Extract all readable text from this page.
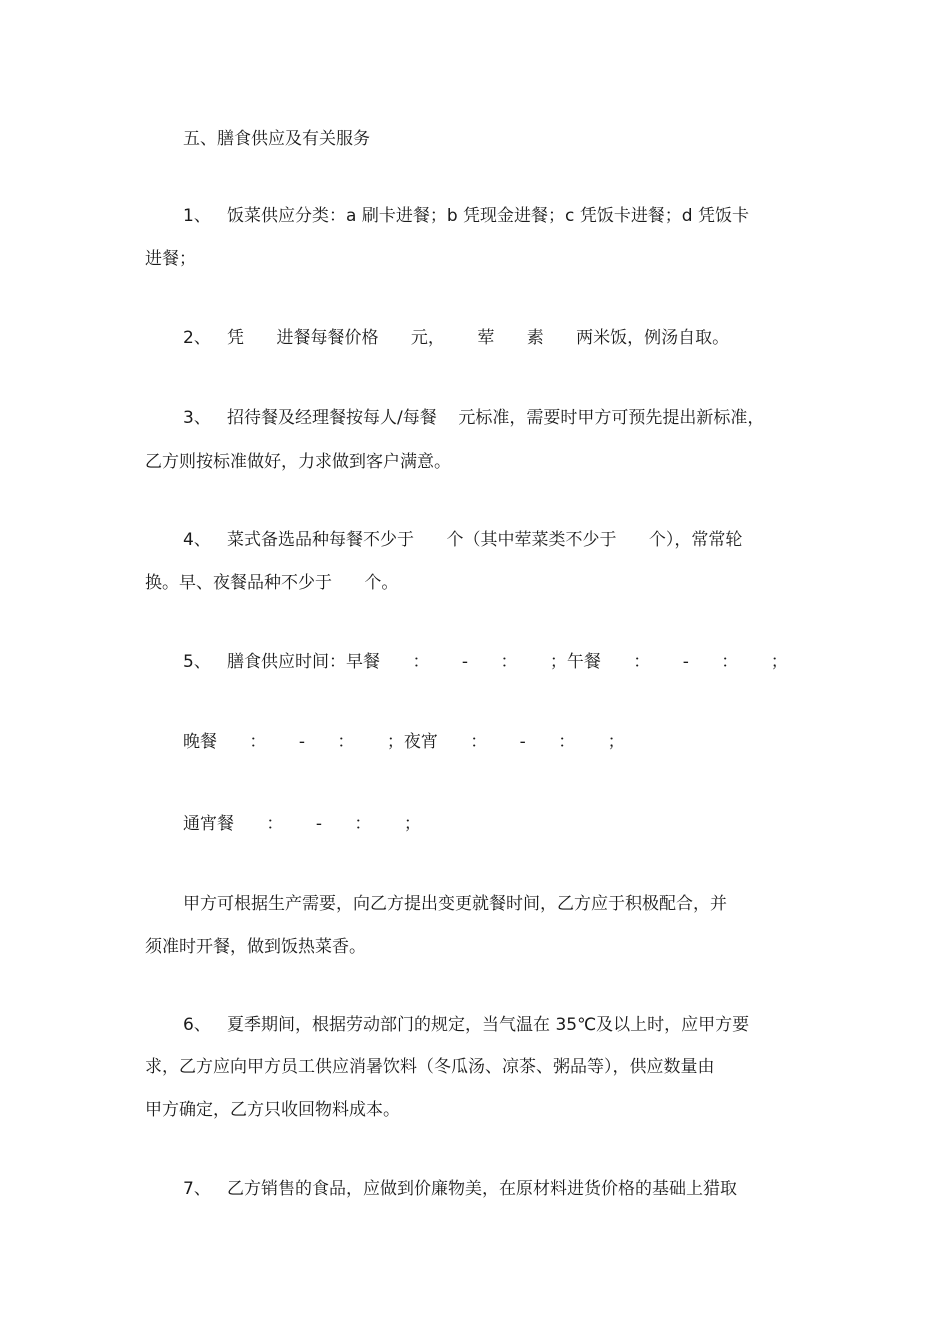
五、膳食供应及有关服务
1、 饭菜供应分类：a 刷卡进餐；b 凭现金进餐；c 凭饭卡进餐；d 凭饭卡
进餐；
2、 凭      进餐每餐价格      元，      荤      素      两米饭，例汤自取。
3、 招待餐及经理餐按每人/每餐    元标准，需要时甲方可预先提出新标准，
乙方则按标准做好，力求做到客户满意。
4、 菜式备选品种每餐不少于      个（其中荤菜类不少于      个），常常轮
换。早、夜餐品种不少于      个。
5、 膳食供应时间：早餐      ：      -      ：      ；午餐      ：      -      ：      ；
晚餐      ：      -      ：      ；夜宵      ：      -      ：      ；
通宵餐      ：      -      ：      ；
甲方可根据生产需要，向乙方提出变更就餐时间，乙方应于积极配合，并
须准时开餐，做到饭热菜香。
6、 夏季期间，根据劳动部门的规定，当气温在 35℃及以上时，应甲方要
求，乙方应向甲方员工供应消暑饮料（冬瓜汤、凉茶、粥品等），供应数量由
甲方确定，乙方只收回物料成本。
7、 乙方销售的食品，应做到价廉物美，在原材料进货价格的基础上猎取
